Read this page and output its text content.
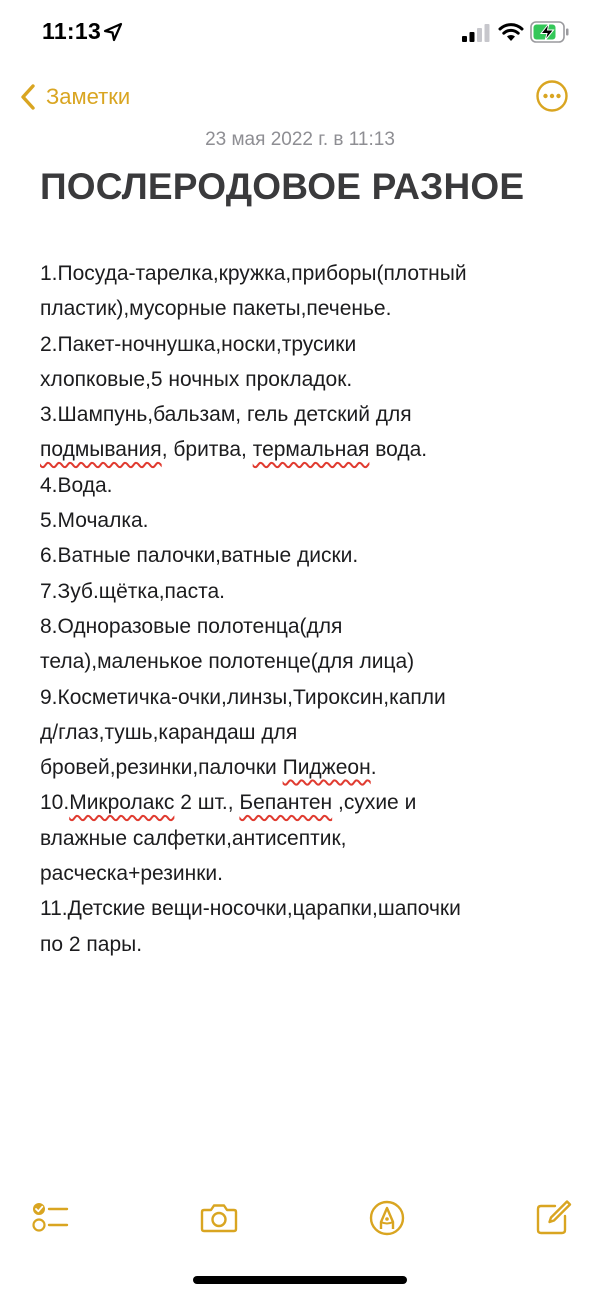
11:13
Заметки
23 мая 2022 г. в 11:13
ПОСЛЕРОДОВОЕ РАЗНОЕ
1.Посуда-тарелка,кружка,приборы(плотный
пластик),мусорные пакеты,печенье.
2.Пакет-ночнушка,носки,трусики
хлопковые,5 ночных прокладок.
3.Шампунь,бальзам, гель детский для
подмывания, бритва, термальная вода.
4.Вода.
5.Мочалка.
6.Ватные палочки,ватные диски.
7.Зуб.щётка,паста.
8.Одноразовые полотенца(для
тела),маленькое полотенце(для лица)
9.Косметичка-очки,линзы,Тироксин,капли
д/глаз,тушь,карандаш для
бровей,резинки,палочки Пиджеон.
10.Микролакс 2 шт., Бепантен ,сухие и
влажные салфетки,антисептик,
расческа+резинки.
11.Детские вещи-носочки,царапки,шапочки
по 2 пары.
